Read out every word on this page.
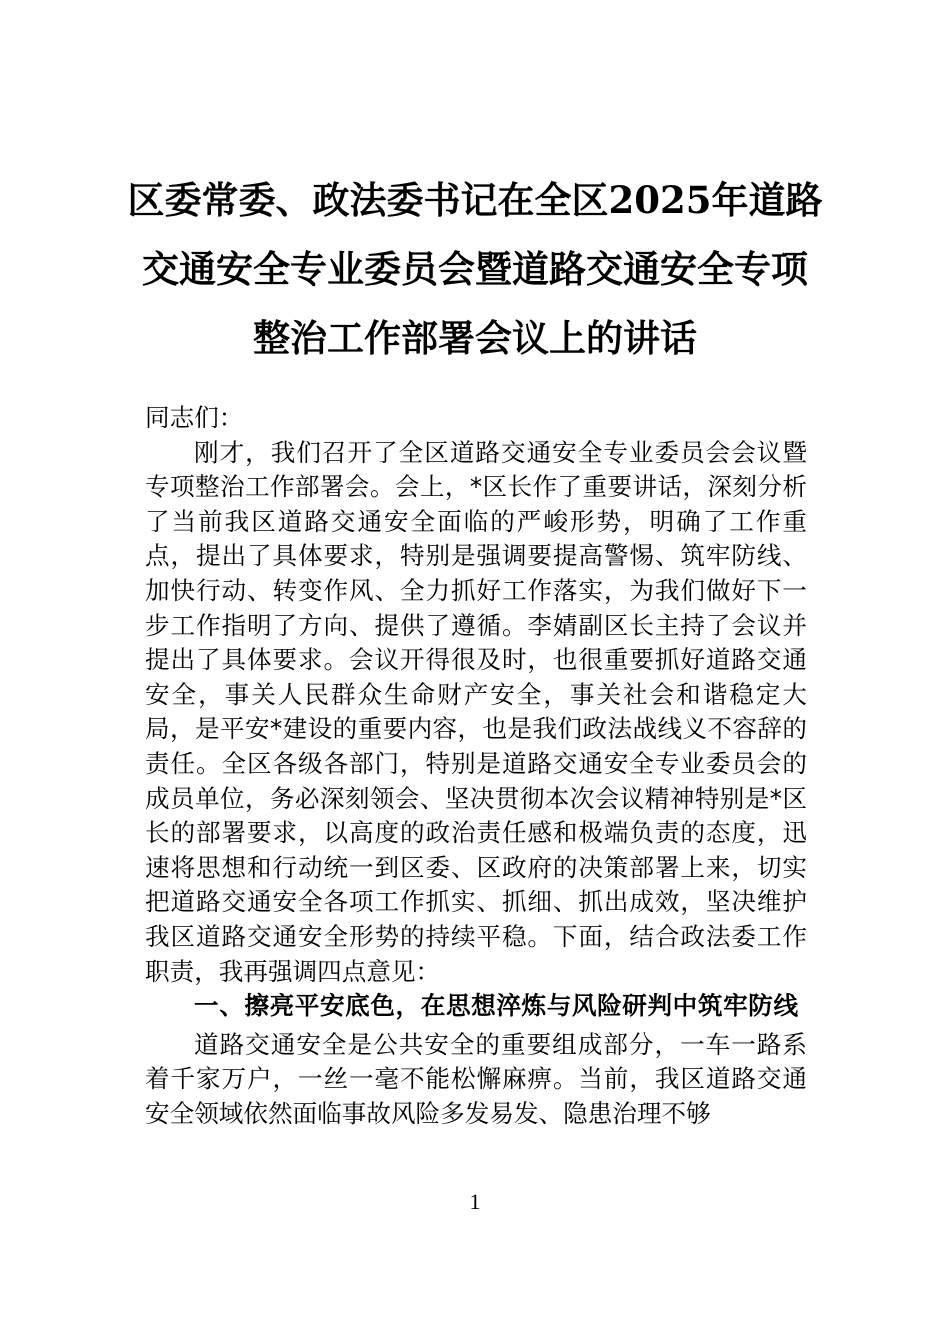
区委常委、政法委书记在全区2025年道路
交通安全专业委员会暨道路交通安全专项
整治工作部署会议上的讲话

同志们：

刚才，我们召开了全区道路交通安全专业委员会会议暨专项整治工作部署会。会上，*区长作了重要讲话，深刻分析了当前我区道路交通安全面临的严峻形势，明确了工作重点，提出了具体要求，特别是强调要提高警惕、筑牢防线、加快行动、转变作风、全力抓好工作落实，为我们做好下一步工作指明了方向、提供了遵循。李婧副区长主持了会议并提出了具体要求。会议开得很及时，也很重要抓好道路交通安全，事关人民群众生命财产安全，事关社会和谐稳定大局，是平安*建设的重要内容，也是我们政法战线义不容辞的责任。全区各级各部门，特别是道路交通安全专业委员会的成员单位，务必深刻领会、坚决贯彻本次会议精神特别是*区长的部署要求，以高度的政治责任感和极端负责的态度，迅速将思想和行动统一到区委、区政府的决策部署上来，切实把道路交通安全各项工作抓实、抓细、抓出成效，坚决维护我区道路交通安全形势的持续平稳。下面，结合政法委工作职责，我再强调四点意见：

一、擦亮平安底色，在思想淬炼与风险研判中筑牢防线

道路交通安全是公共安全的重要组成部分，一车一路系着千家万户，一丝一毫不能松懈麻痹。当前，我区道路交通安全领域依然面临事故风险多发易发、隐患治理不够

1
